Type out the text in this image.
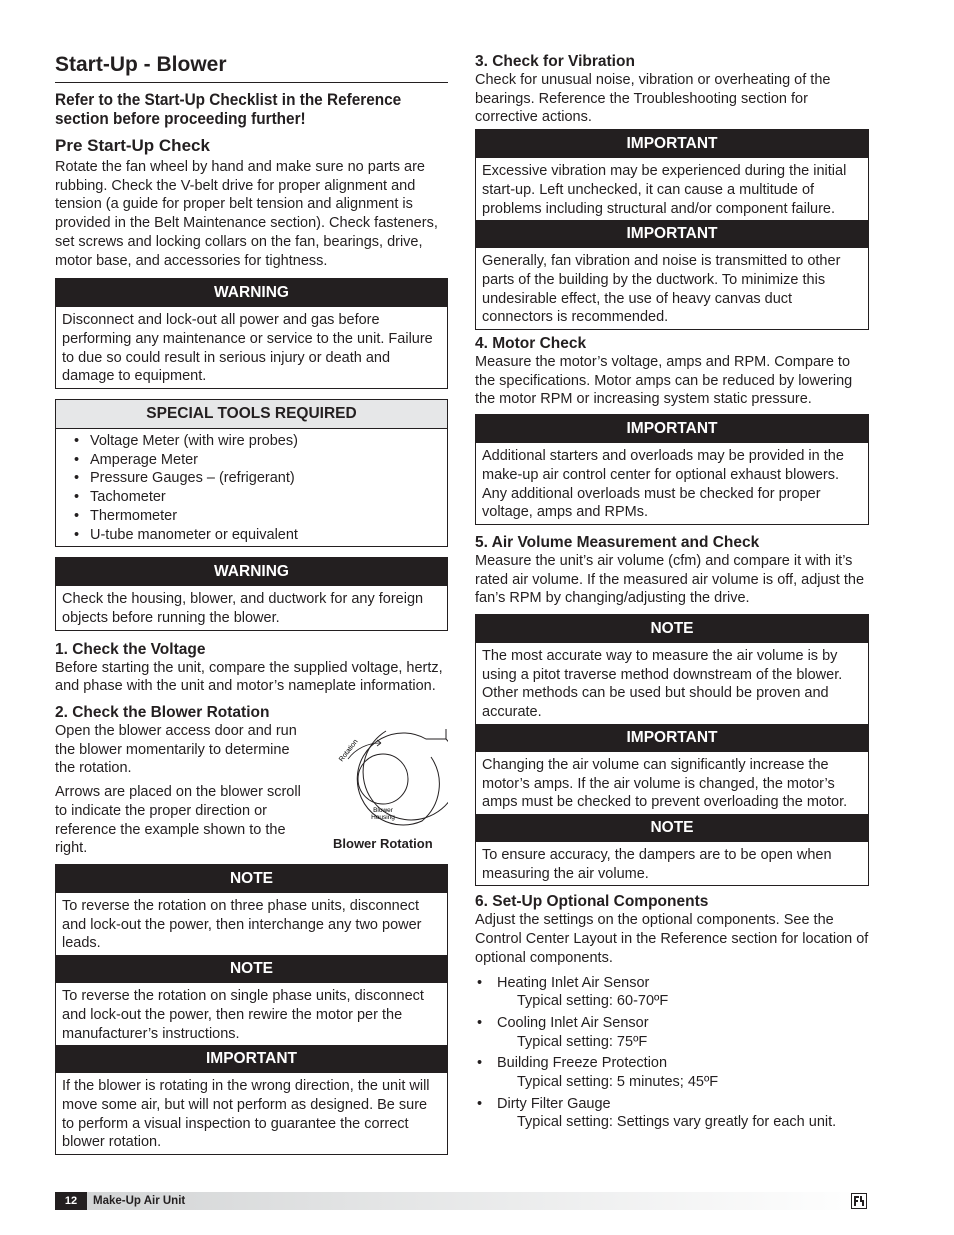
Start-Up - Blower

Refer to the Start-Up Checklist in the Reference section before proceeding further!

Pre Start-Up Check

Rotate the fan wheel by hand and make sure no parts are rubbing. Check the V-belt drive for proper alignment and tension (a guide for proper belt tension and alignment is provided in the Belt Maintenance section). Check fasteners, set screws and locking collars on the fan, bearings, drive, motor base, and accessories for tightness.

WARNING
Disconnect and lock-out all power and gas before performing any maintenance or service to the unit. Failure to due so could result in serious injury or death and damage to equipment.
SPECIAL TOOLS REQUIRED
• Voltage Meter (with wire probes)
• Amperage Meter
• Pressure Gauges – (refrigerant)
• Tachometer
• Thermometer
• U-tube manometer or equivalent
WARNING
Check the housing, blower, and ductwork for any foreign objects before running the blower.
1. Check the Voltage

Before starting the unit, compare the supplied voltage, hertz, and phase with the unit and motor’s nameplate information.

2. Check the Blower Rotation

Open the blower access door and run the blower momentarily to determine the rotation.

Arrows are placed on the blower scroll to indicate the proper direction or reference the example shown to the right.

Rotation
Blower
Housing
Blower Rotation
NOTE
To reverse the rotation on three phase units, disconnect and lock-out the power, then interchange any two power leads.
NOTE
To reverse the rotation on single phase units, disconnect and lock-out the power, then rewire the motor per the manufacturer’s instructions.
IMPORTANT
If the blower is rotating in the wrong direction, the unit will move some air, but will not perform as designed. Be sure to perform a visual inspection to guarantee the correct blower rotation.
3. Check for Vibration

Check for unusual noise, vibration or overheating of the bearings. Reference the Troubleshooting section for corrective actions.

IMPORTANT
Excessive vibration may be experienced during the initial start-up. Left unchecked, it can cause a multitude of problems including structural and/or component failure.
IMPORTANT
Generally, fan vibration and noise is transmitted to other parts of the building by the ductwork. To minimize this undesirable effect, the use of heavy canvas duct connectors is recommended.
4. Motor Check

Measure the motor’s voltage, amps and RPM. Compare to the specifications. Motor amps can be reduced by lowering the motor RPM or increasing system static pressure.

IMPORTANT
Additional starters and overloads may be provided in the make-up air control center for optional exhaust blowers. Any additional overloads must be checked for proper voltage, amps and RPMs.
5. Air Volume Measurement and Check

Measure the unit’s air volume (cfm) and compare it with it’s rated air volume. If the measured air volume is off, adjust the fan’s RPM by changing/adjusting the drive.

NOTE
The most accurate way to measure the air volume is by using a pitot traverse method downstream of the blower. Other methods can be used but should be proven and accurate.
IMPORTANT
Changing the air volume can significantly increase the motor’s amps. If the air volume is changed, the motor’s amps must be checked to prevent overloading the motor.
NOTE
To ensure accuracy, the dampers are to be open when measuring the air volume.
6. Set-Up Optional Components

Adjust the settings on the optional components. See the Control Center Layout in the Reference section for location of optional components.

• Heating Inlet Air Sensor
Typical setting: 60-70ºF
• Cooling Inlet Air Sensor
Typical setting: 75ºF
• Building Freeze Protection
Typical setting: 5 minutes; 45ºF
• Dirty Filter Gauge
Typical setting: Settings vary greatly for each unit.
12	Make-Up Air Unit
